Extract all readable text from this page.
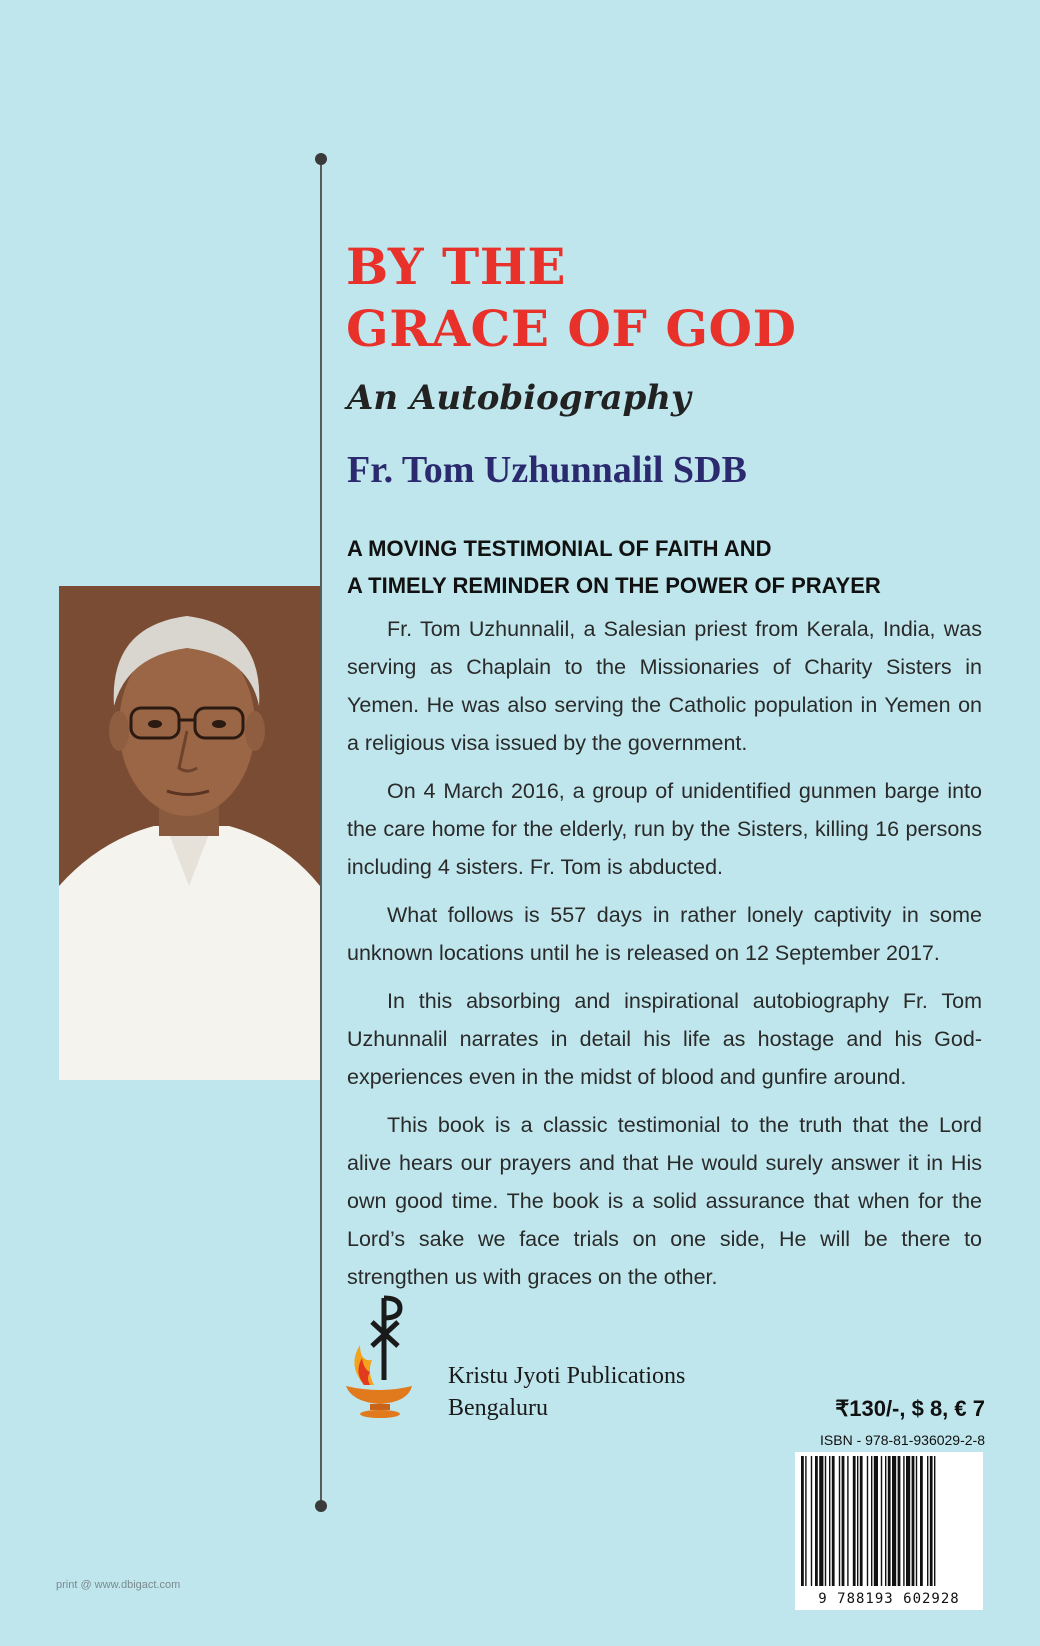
BY THE
GRACE OF GOD
An Autobiography
Fr. Tom Uzhunnalil SDB
A MOVING TESTIMONIAL OF FAITH AND
A TIMELY REMINDER ON THE POWER OF PRAYER

Fr. Tom Uzhunnalil, a Salesian priest from Kerala, India, was serving as Chaplain to the Missionaries of Charity Sisters in Yemen. He was also serving the Catholic population in Yemen on a religious visa issued by the government.

On 4 March 2016, a group of unidentified gunmen barge into the care home for the elderly, run by the Sisters, killing 16 persons including 4 sisters. Fr. Tom is abducted.

What follows is 557 days in rather lonely captivity in some unknown locations until he is released on 12 September 2017.

In this absorbing and inspirational autobiography Fr. Tom Uzhunnalil narrates in detail his life as hostage and his God-experiences even in the midst of blood and gunfire around.

This book is a classic testimonial to the truth that the Lord alive hears our prayers and that He would surely answer it in His own good time. The book is a solid assurance that when for the Lord’s sake we face trials on one side, He will be there to strengthen us with graces on the other.

Kristu Jyoti Publications
Bengaluru	₹130/-, $ 8, € 7
ISBN - 978-81-936029-2-8
9 788193 602928
print @ www.dbigact.com
